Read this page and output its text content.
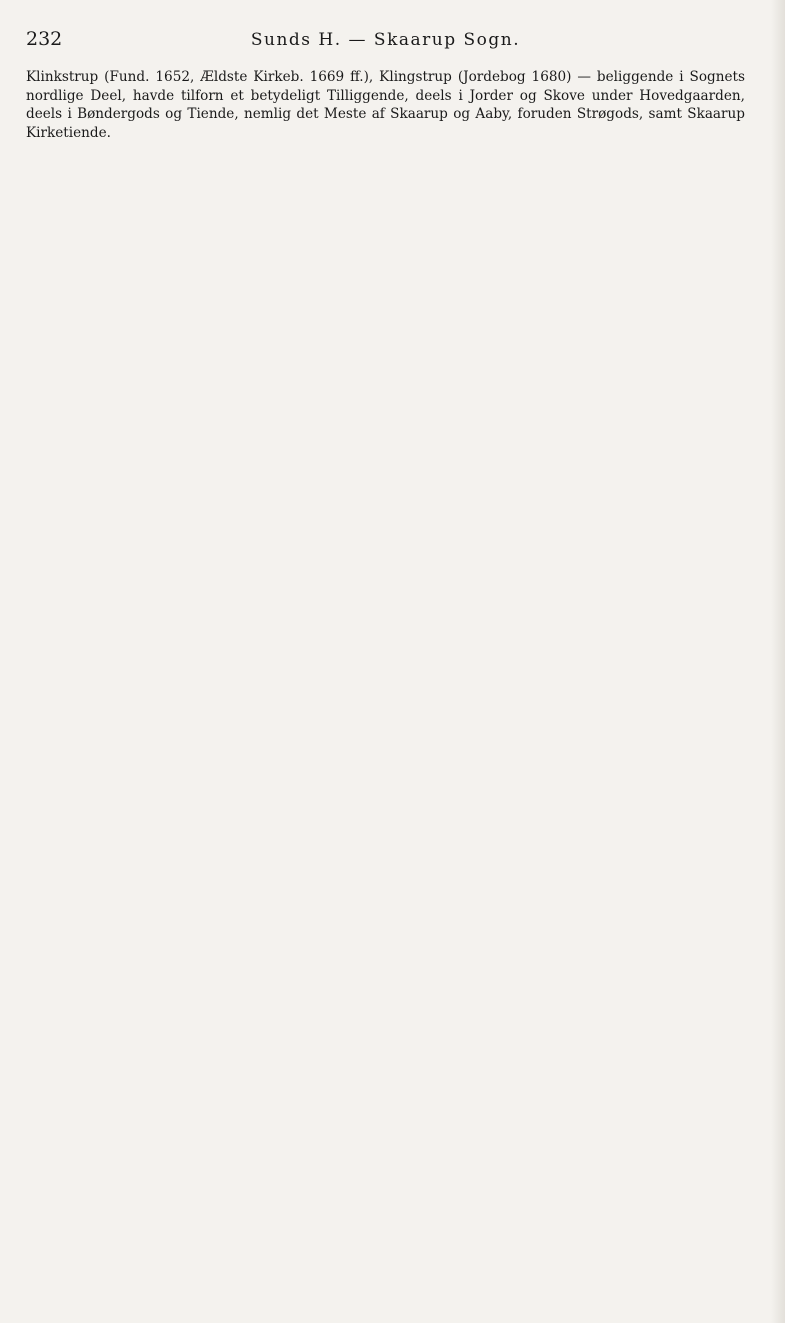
232	Sunds H. — Skaarup Sogn.

Klinkstrup (Fund. 1652, Ældste Kirkeb. 1669 ff.), Klingstrup (Jordebog 1680) — beliggende i Sognets nordlige Deel, havde tilforn et betydeligt Tilliggende, deels i Jorder og Skove under Hovedgaarden, deels i Bøndergods og Tiende, nemlig det Meste af Skaarup og Aaby, foruden Strøgods, samt Skaarup Kirketiende.
